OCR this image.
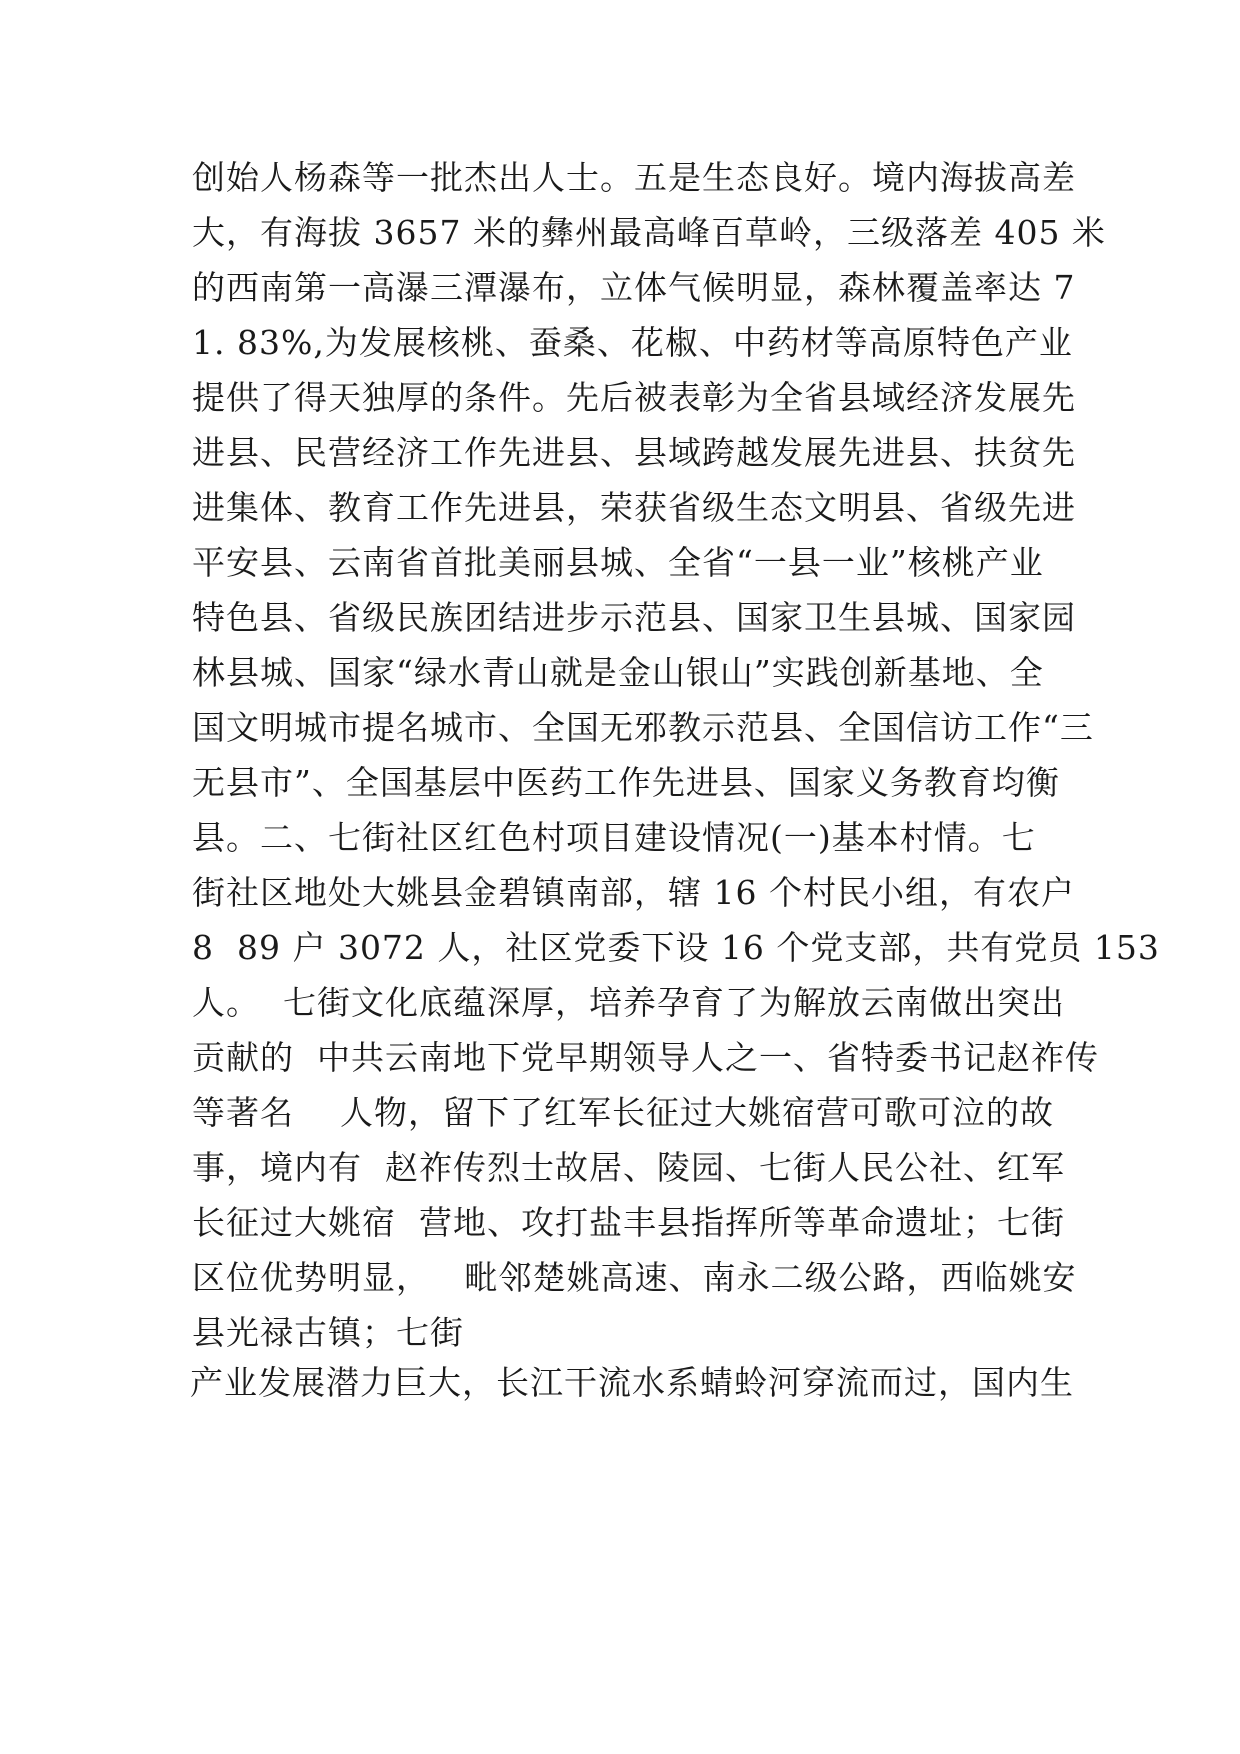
创始人杨森等一批杰出人士。五是生态良好。境内海拔高差
大，有海拔 3657 米的彝州最高峰百草岭，三级落差 405 米
的西南第一高瀑三潭瀑布，立体气候明显，森林覆盖率达 7
1. 83%,为发展核桃、蚕桑、花椒、中药材等高原特色产业
提供了得天独厚的条件。先后被表彰为全省县域经济发展先
进县、民营经济工作先进县、县域跨越发展先进县、扶贫先
进集体、教育工作先进县，荣获省级生态文明县、省级先进
平安县、云南省首批美丽县城、全省“一县一业”核桃产业
特色县、省级民族团结进步示范县、国家卫生县城、国家园
林县城、国家“绿水青山就是金山银山”实践创新基地、全
国文明城市提名城市、全国无邪教示范县、全国信访工作“三
无县市”、全国基层中医药工作先进县、国家义务教育均衡
县。二、七街社区红色村项目建设情况(一)基本村情。七
街社区地处大姚县金碧镇南部，辖 16 个村民小组，有农户
8  89 户 3072 人，社区党委下设 16 个党支部，共有党员 153
人。  七街文化底蕴深厚，培养孕育了为解放云南做出突出
贡献的  中共云南地下党早期领导人之一、省特委书记赵祚传
等著名    人物，留下了红军长征过大姚宿营可歌可泣的故
事，境内有  赵祚传烈士故居、陵园、七街人民公社、红军
长征过大姚宿  营地、攻打盐丰县指挥所等革命遗址；七街
区位优势明显，   毗邻楚姚高速、南永二级公路，西临姚安
县光禄古镇；七街
产业发展潜力巨大，长江干流水系蜻蛉河穿流而过，国内生
